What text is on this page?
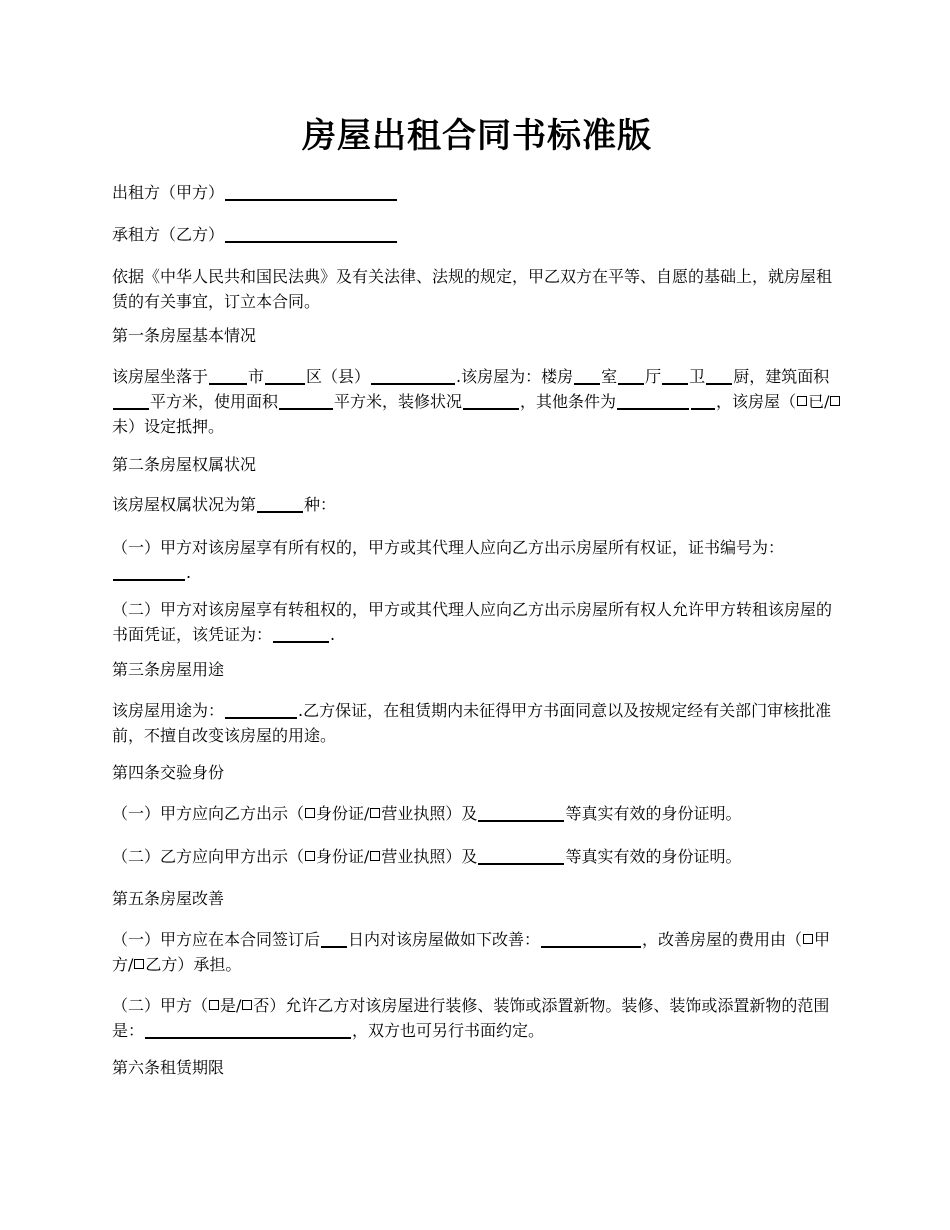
房屋出租合同书标准版
出租方（甲方）
承租方（乙方）
依据《中华人民共和国民法典》及有关法律、法规的规定，甲乙双方在平等、自愿的基础上，就房屋租赁的有关事宜，订立本合同。
第一条房屋基本情况
该房屋坐落于	市	区（县）	.该房屋为：楼房 室 厅 卫 厨，建筑面积平方米，使用面积	平方米，装修状况	，其他条件为	，该房屋（ 已/未）设定抵押。
第二条房屋权属状况
该房屋权属状况为第	种：
（一）甲方对该房屋享有所有权的，甲方或其代理人应向乙方出示房屋所有权证，证书编号为：.
（二）甲方对该房屋享有转租权的，甲方或其代理人应向乙方出示房屋所有权人允许甲方转租该房屋的书面凭证，该凭证为：	.
第三条房屋用途
该房屋用途为：	.乙方保证，在租赁期内未征得甲方书面同意以及按规定经有关部门审核批准前，不擅自改变该房屋的用途。
第四条交验身份
（一）甲方应向乙方出示（ 身份证/ 营业执照）及	等真实有效的身份证明。
（二）乙方应向甲方出示（ 身份证/ 营业执照）及	等真实有效的身份证明。
第五条房屋改善
（一）甲方应在本合同签订后 日内对该房屋做如下改善：	，改善房屋的费用由（ 甲方/ 乙方）承担。
（二）甲方（ 是/ 否）允许乙方对该房屋进行装修、装饰或添置新物。装修、装饰或添置新物的范围是：	，双方也可另行书面约定。
第六条租赁期限
